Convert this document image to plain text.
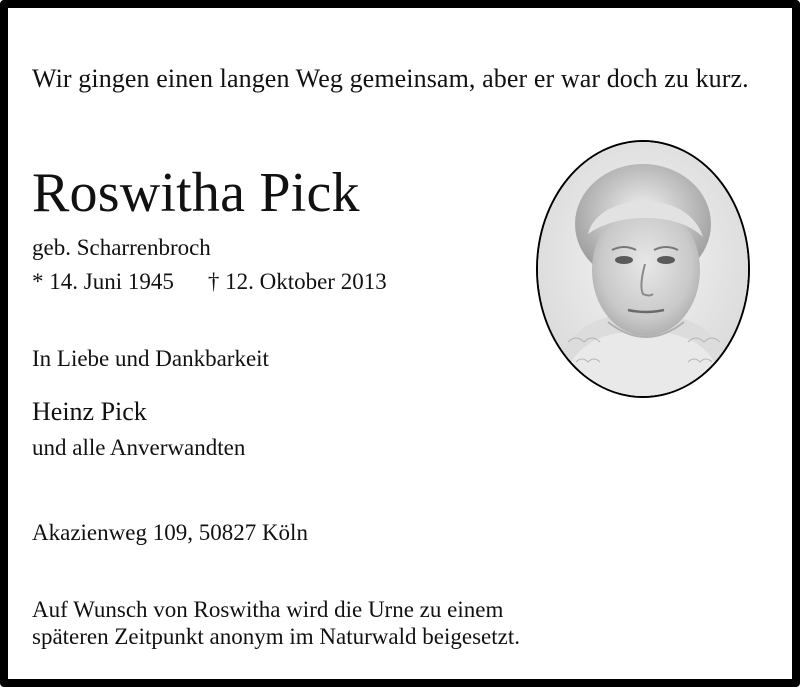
Wir gingen einen langen Weg gemeinsam, aber er war doch zu kurz.
Roswitha Pick
geb. Scharrenbroch
* 14. Juni 1945 † 12. Oktober 2013
In Liebe und Dankbarkeit
Heinz Pick
und alle Anverwandten
Akazienweg 109, 50827 Köln
Auf Wunsch von Roswitha wird die Urne zu einem
späteren Zeitpunkt anonym im Naturwald beigesetzt.
